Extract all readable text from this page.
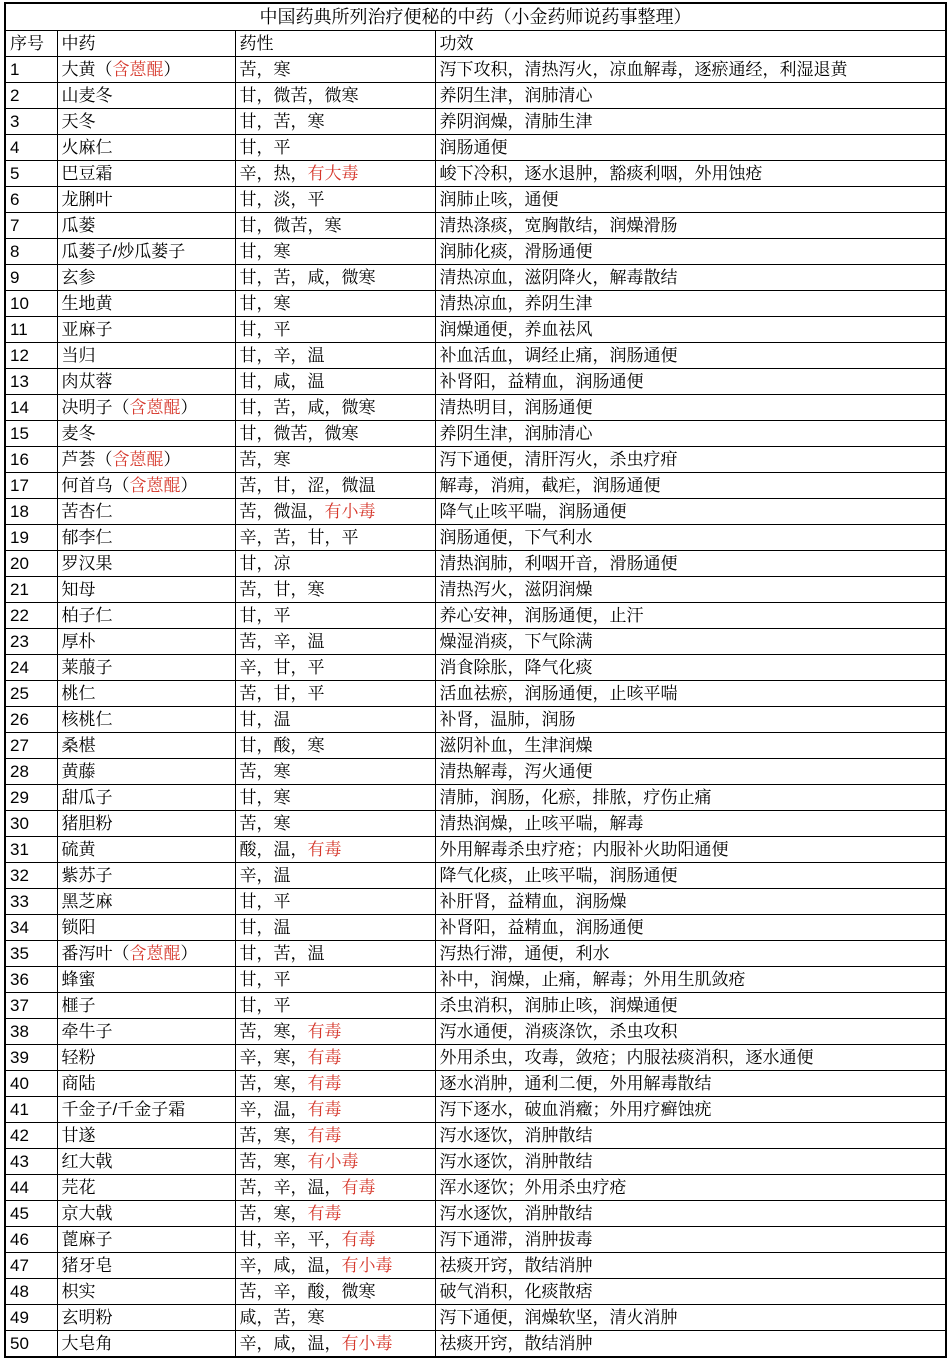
中国药典所列治疗便秘的中药（小金药师说药事整理）			
序号	中药	药性	功效
1	大黄（含蒽醌）	苦，寒	泻下攻积，清热泻火，凉血解毒，逐瘀通经，利湿退黄
2	山麦冬	甘，微苦，微寒	养阴生津，润肺清心
3	天冬	甘，苦，寒	养阴润燥，清肺生津
4	火麻仁	甘，平	润肠通便
5	巴豆霜	辛，热，有大毒	峻下冷积，逐水退肿，豁痰利咽，外用蚀疮
6	龙脷叶	甘，淡，平	润肺止咳，通便
7	瓜蒌	甘，微苦，寒	清热涤痰，宽胸散结，润燥滑肠
8	瓜蒌子/炒瓜蒌子	甘，寒	润肺化痰，滑肠通便
9	玄参	甘，苦，咸，微寒	清热凉血，滋阴降火，解毒散结
10	生地黄	甘，寒	清热凉血，养阴生津
11	亚麻子	甘，平	润燥通便，养血祛风
12	当归	甘，辛，温	补血活血，调经止痛，润肠通便
13	肉苁蓉	甘，咸，温	补肾阳，益精血，润肠通便
14	决明子（含蒽醌）	甘，苦，咸，微寒	清热明目，润肠通便
15	麦冬	甘，微苦，微寒	养阴生津，润肺清心
16	芦荟（含蒽醌）	苦，寒	泻下通便，清肝泻火，杀虫疗疳
17	何首乌（含蒽醌）	苦，甘，涩，微温	解毒，消痈，截疟，润肠通便
18	苦杏仁	苦，微温，有小毒	降气止咳平喘，润肠通便
19	郁李仁	辛，苦，甘，平	润肠通便，下气利水
20	罗汉果	甘，凉	清热润肺，利咽开音，滑肠通便
21	知母	苦，甘，寒	清热泻火，滋阴润燥
22	柏子仁	甘，平	养心安神，润肠通便，止汗
23	厚朴	苦，辛，温	燥湿消痰，下气除满
24	莱菔子	辛，甘，平	消食除胀，降气化痰
25	桃仁	苦，甘，平	活血祛瘀，润肠通便，止咳平喘
26	核桃仁	甘，温	补肾，温肺，润肠
27	桑椹	甘，酸，寒	滋阴补血，生津润燥
28	黄藤	苦，寒	清热解毒，泻火通便
29	甜瓜子	甘，寒	清肺，润肠，化瘀，排脓，疗伤止痛
30	猪胆粉	苦，寒	清热润燥，止咳平喘，解毒
31	硫黄	酸，温，有毒	外用解毒杀虫疗疮；内服补火助阳通便
32	紫苏子	辛，温	降气化痰，止咳平喘，润肠通便
33	黑芝麻	甘，平	补肝肾，益精血，润肠燥
34	锁阳	甘，温	补肾阳，益精血，润肠通便
35	番泻叶（含蒽醌）	甘，苦，温	泻热行滞，通便，利水
36	蜂蜜	甘，平	补中，润燥，止痛，解毒；外用生肌敛疮
37	榧子	甘，平	杀虫消积，润肺止咳，润燥通便
38	牵牛子	苦，寒，有毒	泻水通便，消痰涤饮，杀虫攻积
39	轻粉	辛，寒，有毒	外用杀虫，攻毒，敛疮；内服祛痰消积，逐水通便
40	商陆	苦，寒，有毒	逐水消肿，通利二便，外用解毒散结
41	千金子/千金子霜	辛，温，有毒	泻下逐水，破血消癥；外用疗癣蚀疣
42	甘遂	苦，寒，有毒	泻水逐饮，消肿散结
43	红大戟	苦，寒，有小毒	泻水逐饮，消肿散结
44	芫花	苦，辛，温，有毒	浑水逐饮；外用杀虫疗疮
45	京大戟	苦，寒，有毒	泻水逐饮，消肿散结
46	蓖麻子	甘，辛，平，有毒	泻下通滞，消肿拔毒
47	猪牙皂	辛，咸，温，有小毒	祛痰开窍，散结消肿
48	枳实	苦，辛，酸，微寒	破气消积，化痰散痞
49	玄明粉	咸，苦，寒	泻下通便，润燥软坚，清火消肿
50	大皂角	辛，咸，温，有小毒	祛痰开窍，散结消肿
